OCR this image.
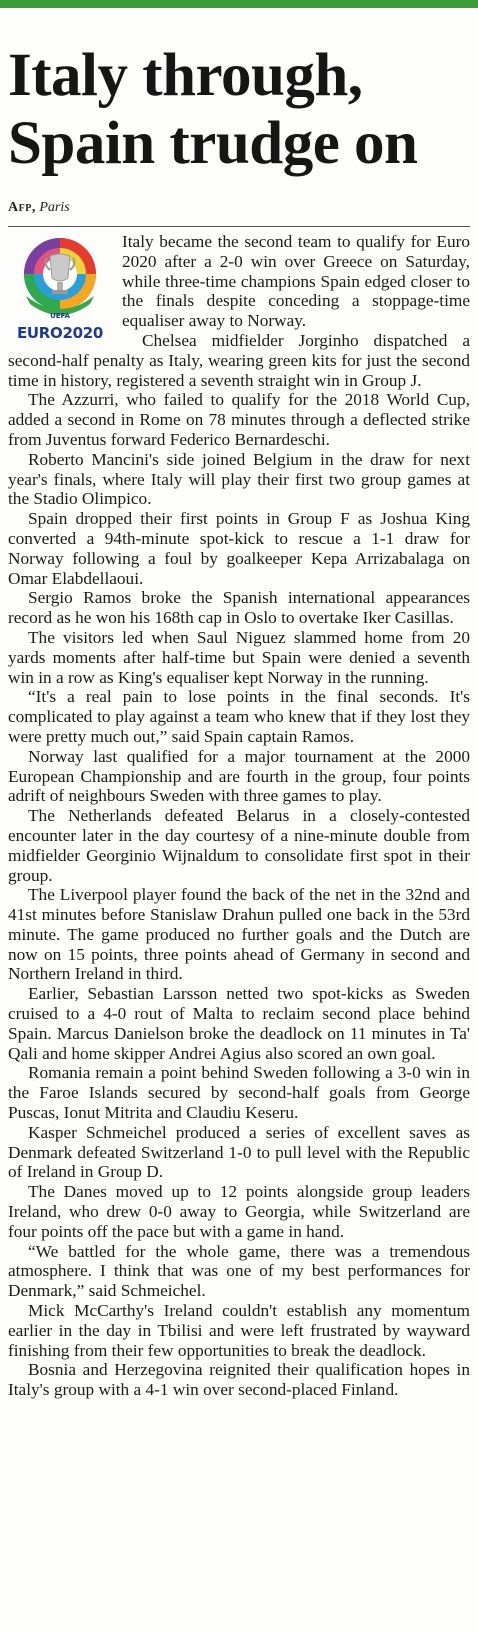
Italy through, Spain trudge on
Afp, Paris
UEFA
EURO2020

Italy became the second team to qualify for Euro 2020 after a 2-0 win over Greece on Saturday, while three-time champions Spain edged closer to the finals despite conceding a stoppage-time equaliser away to Norway.

Chelsea midfielder Jorginho dispatched a second-half penalty as Italy, wearing green kits for just the second time in history, registered a seventh straight win in Group J.

The Azzurri, who failed to qualify for the 2018 World Cup, added a second in Rome on 78 minutes through a deflected strike from Juventus forward Federico Bernardeschi.

Roberto Mancini's side joined Belgium in the draw for next year's finals, where Italy will play their first two group games at the Stadio Olimpico.

Spain dropped their first points in Group F as Joshua King converted a 94th-minute spot-kick to rescue a 1-1 draw for Norway following a foul by goalkeeper Kepa Arrizabalaga on Omar Elabdellaoui.

Sergio Ramos broke the Spanish international appearances record as he won his 168th cap in Oslo to overtake Iker Casillas.

The visitors led when Saul Niguez slammed home from 20 yards moments after half-time but Spain were denied a seventh win in a row as King's equaliser kept Norway in the running.

“It's a real pain to lose points in the final seconds. It's complicated to play against a team who knew that if they lost they were pretty much out,” said Spain captain Ramos.

Norway last qualified for a major tournament at the 2000 European Championship and are fourth in the group, four points adrift of neighbours Sweden with three games to play.

The Netherlands defeated Belarus in a closely-contested encounter later in the day courtesy of a nine-minute double from midfielder Georginio Wijnaldum to consolidate first spot in their group.

The Liverpool player found the back of the net in the 32nd and 41st minutes before Stanislaw Drahun pulled one back in the 53rd minute. The game produced no further goals and the Dutch are now on 15 points, three points ahead of Germany in second and Northern Ireland in third.

Earlier, Sebastian Larsson netted two spot-kicks as Sweden cruised to a 4-0 rout of Malta to reclaim second place behind Spain. Marcus Danielson broke the deadlock on 11 minutes in Ta' Qali and home skipper Andrei Agius also scored an own goal.

Romania remain a point behind Sweden following a 3-0 win in the Faroe Islands secured by second-half goals from George Puscas, Ionut Mitrita and Claudiu Keseru.

Kasper Schmeichel produced a series of excellent saves as Denmark defeated Switzerland 1-0 to pull level with the Republic of Ireland in Group D.

The Danes moved up to 12 points alongside group leaders Ireland, who drew 0-0 away to Georgia, while Switzerland are four points off the pace but with a game in hand.

“We battled for the whole game, there was a tremendous atmosphere. I think that was one of my best performances for Denmark,” said Schmeichel.

Mick McCarthy's Ireland couldn't establish any momentum earlier in the day in Tbilisi and were left frustrated by wayward finishing from their few opportunities to break the deadlock.

Bosnia and Herzegovina reignited their qualification hopes in Italy's group with a 4-1 win over second-placed Finland.
